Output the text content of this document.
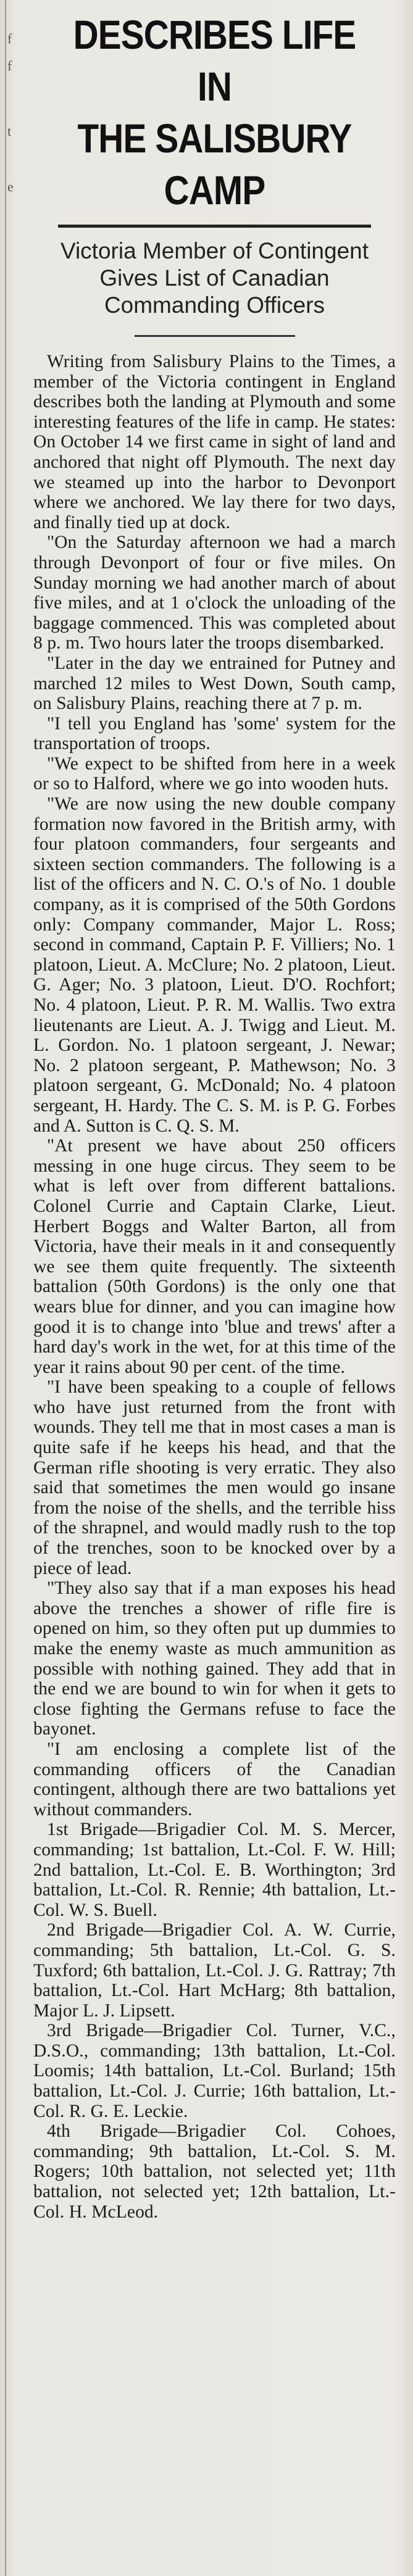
f
f
t
e
DESCRIBES LIFE IN
THE SALISBURY CAMP

Victoria Member of Contingent

Gives List of Canadian

Commanding Officers

Writing from Salisbury Plains to the Times, a member of the Victoria contingent in England describes both the landing at Plymouth and some interesting features of the life in camp. He states: On October 14 we first came in sight of land and anchored that night off Plymouth. The next day we steamed up into the harbor to Devonport where we anchored. We lay there for two days, and finally tied up at dock.

"On the Saturday afternoon we had a march through Devonport of four or five miles. On Sunday morning we had another march of about five miles, and at 1 o'clock the unloading of the baggage commenced. This was completed about 8 p. m. Two hours later the troops disembarked.

"Later in the day we entrained for Putney and marched 12 miles to West Down, South camp, on Salisbury Plains, reaching there at 7 p. m.

"I tell you England has 'some' system for the transportation of troops.

"We expect to be shifted from here in a week or so to Halford, where we go into wooden huts.

"We are now using the new double company formation now favored in the British army, with four platoon commanders, four sergeants and sixteen section commanders. The following is a list of the officers and N. C. O.'s of No. 1 double company, as it is comprised of the 50th Gordons only: Company commander, Major L. Ross; second in command, Captain P. F. Villiers; No. 1 platoon, Lieut. A. McClure; No. 2 platoon, Lieut. G. Ager; No. 3 platoon, Lieut. D'O. Rochfort; No. 4 platoon, Lieut. P. R. M. Wallis. Two extra lieutenants are Lieut. A. J. Twigg and Lieut. M. L. Gordon. No. 1 platoon sergeant, J. Newar; No. 2 platoon sergeant, P. Mathewson; No. 3 platoon sergeant, G. McDonald; No. 4 platoon sergeant, H. Hardy. The C. S. M. is P. G. Forbes and A. Sutton is C. Q. S. M.

"At present we have about 250 officers messing in one huge circus. They seem to be what is left over from different battalions. Colonel Currie and Captain Clarke, Lieut. Herbert Boggs and Walter Barton, all from Victoria, have their meals in it and consequently we see them quite frequently. The sixteenth battalion (50th Gordons) is the only one that wears blue for dinner, and you can imagine how good it is to change into 'blue and trews' after a hard day's work in the wet, for at this time of the year it rains about 90 per cent. of the time.

"I have been speaking to a couple of fellows who have just returned from the front with wounds. They tell me that in most cases a man is quite safe if he keeps his head, and that the German rifle shooting is very erratic. They also said that sometimes the men would go insane from the noise of the shells, and the terrible hiss of the shrapnel, and would madly rush to the top of the trenches, soon to be knocked over by a piece of lead.

"They also say that if a man exposes his head above the trenches a shower of rifle fire is opened on him, so they often put up dummies to make the enemy waste as much ammunition as possible with nothing gained. They add that in the end we are bound to win for when it gets to close fighting the Germans refuse to face the bayonet.

"I am enclosing a complete list of the commanding officers of the Canadian contingent, although there are two battalions yet without commanders.

1st Brigade—Brigadier Col. M. S. Mercer, commanding; 1st battalion, Lt.-Col. F. W. Hill; 2nd battalion, Lt.-Col. E. B. Worthington; 3rd battalion, Lt.-Col. R. Rennie; 4th battalion, Lt.-Col. W. S. Buell.

2nd Brigade—Brigadier Col. A. W. Currie, commanding; 5th battalion, Lt.-Col. G. S. Tuxford; 6th battalion, Lt.-Col. J. G. Rattray; 7th battalion, Lt.-Col. Hart McHarg; 8th battalion, Major L. J. Lipsett.

3rd Brigade—Brigadier Col. Turner, V.C., D.S.O., commanding; 13th battalion, Lt.-Col. Loomis; 14th battalion, Lt.-Col. Burland; 15th battalion, Lt.-Col. J. Currie; 16th battalion, Lt.-Col. R. G. E. Leckie.

4th Brigade—Brigadier Col. Cohoes, commanding; 9th battalion, Lt.-Col. S. M. Rogers; 10th battalion, not selected yet; 11th battalion, not selected yet; 12th battalion, Lt.-Col. H. McLeod.
